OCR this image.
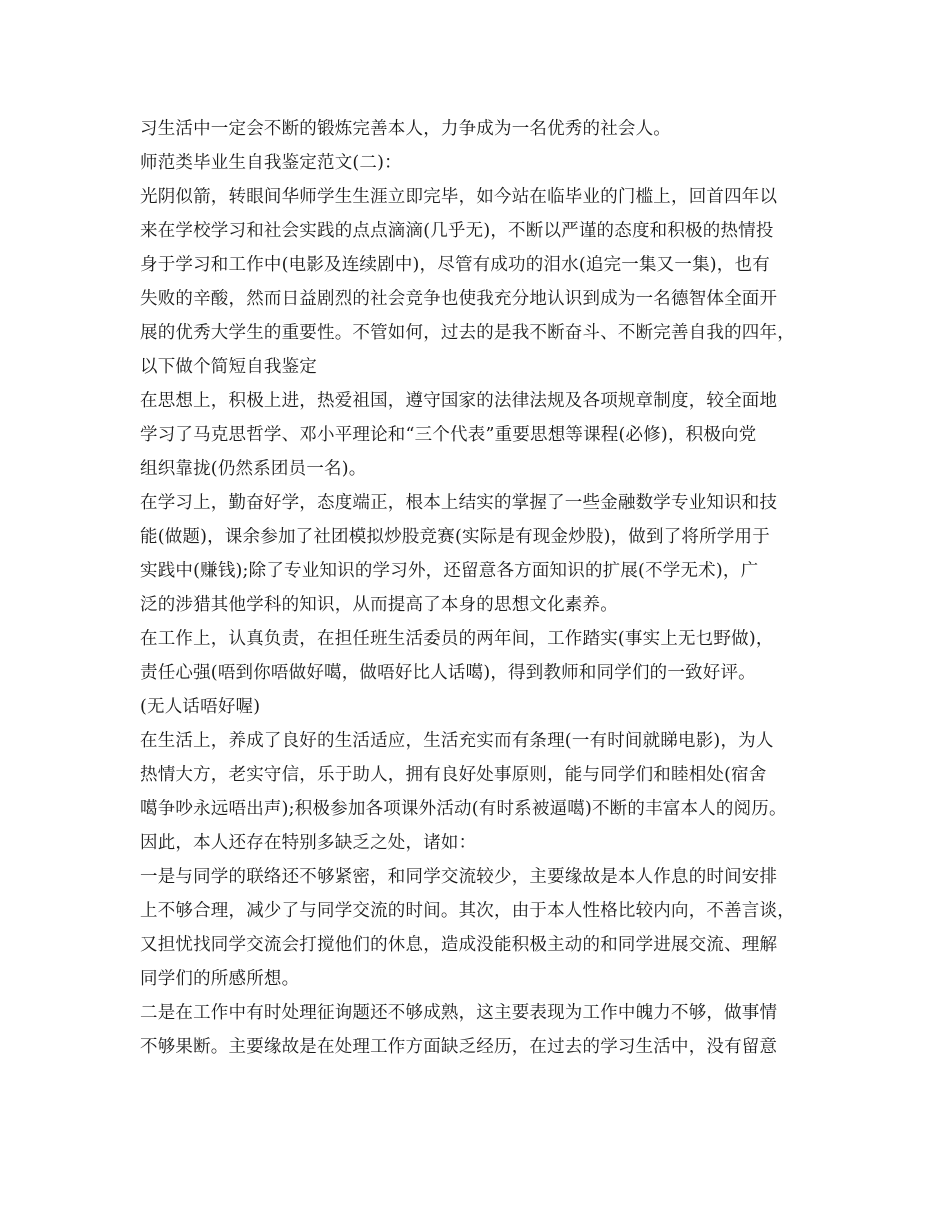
习生活中一定会不断的锻炼完善本人，力争成为一名优秀的社会人。
师范类毕业生自我鉴定范文(二)：
光阴似箭，转眼间华师学生生涯立即完毕，如今站在临毕业的门槛上，回首四年以
来在学校学习和社会实践的点点滴滴(几乎无)，不断以严谨的态度和积极的热情投
身于学习和工作中(电影及连续剧中)，尽管有成功的泪水(追完一集又一集)，也有
失败的辛酸，然而日益剧烈的社会竞争也使我充分地认识到成为一名德智体全面开
展的优秀大学生的重要性。不管如何，过去的是我不断奋斗、不断完善自我的四年，
以下做个简短自我鉴定
在思想上，积极上进，热爱祖国，遵守国家的法律法规及各项规章制度，较全面地
学习了马克思哲学、邓小平理论和“三个代表”重要思想等课程(必修)，积极向党
组织靠拢(仍然系团员一名)。
在学习上，勤奋好学，态度端正，根本上结实的掌握了一些金融数学专业知识和技
能(做题)，课余参加了社团模拟炒股竞赛(实际是有现金炒股)，做到了将所学用于
实践中(赚钱);除了专业知识的学习外，还留意各方面知识的扩展(不学无术)，广
泛的涉猎其他学科的知识，从而提高了本身的思想文化素养。
在工作上，认真负责，在担任班生活委员的两年间，工作踏实(事实上无乜野做)，
责任心强(唔到你唔做好噶，做唔好比人话噶)，得到教师和同学们的一致好评。
(无人话唔好喔)
在生活上，养成了良好的生活适应，生活充实而有条理(一有时间就睇电影)，为人
热情大方，老实守信，乐于助人，拥有良好处事原则，能与同学们和睦相处(宿舍
噶争吵永远唔出声);积极参加各项课外活动(有时系被逼噶)不断的丰富本人的阅历。
因此，本人还存在特别多缺乏之处，诸如：
一是与同学的联络还不够紧密，和同学交流较少，主要缘故是本人作息的时间安排
上不够合理，减少了与同学交流的时间。其次，由于本人性格比较内向，不善言谈，
又担忧找同学交流会打搅他们的休息，造成没能积极主动的和同学进展交流、理解
同学们的所感所想。
二是在工作中有时处理征询题还不够成熟，这主要表现为工作中魄力不够，做事情
不够果断。主要缘故是在处理工作方面缺乏经历，在过去的学习生活中，没有留意
